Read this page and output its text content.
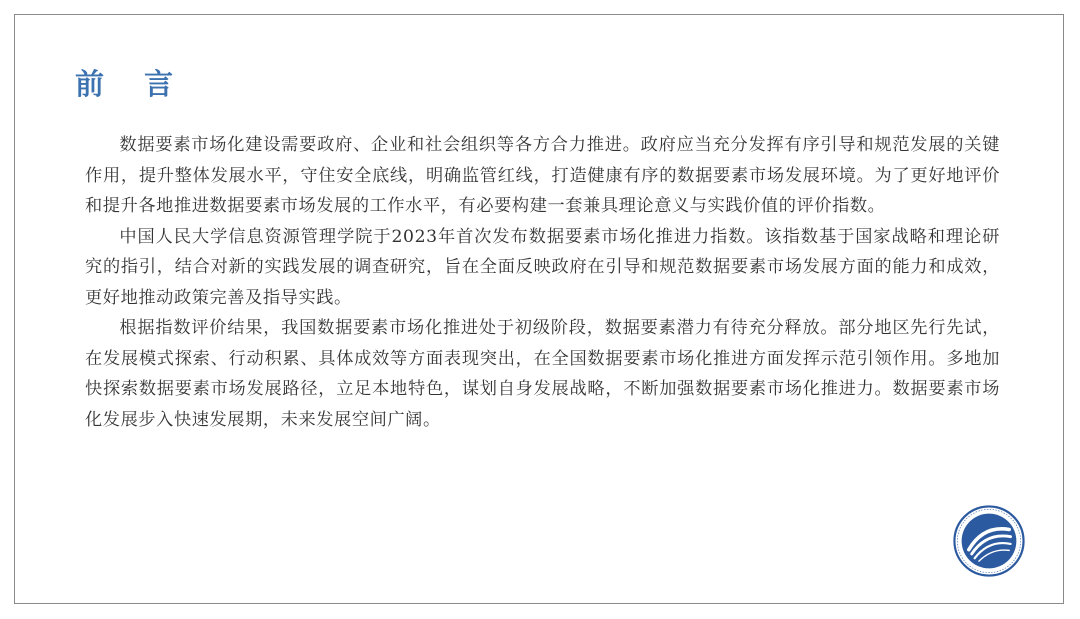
前 言

数据要素市场化建设需要政府、企业和社会组织等各方合力推进。政府应当充分发挥有序引导和规范发展的关键作用，提升整体发展水平，守住安全底线，明确监管红线，打造健康有序的数据要素市场发展环境。为了更好地评价和提升各地推进数据要素市场发展的工作水平，有必要构建一套兼具理论意义与实践价值的评价指数。

中国人民大学信息资源管理学院于2023年首次发布数据要素市场化推进力指数。该指数基于国家战略和理论研究的指引，结合对新的实践发展的调查研究，旨在全面反映政府在引导和规范数据要素市场发展方面的能力和成效，更好地推动政策完善及指导实践。

根据指数评价结果，我国数据要素市场化推进处于初级阶段，数据要素潜力有待充分释放。部分地区先行先试，在发展模式探索、行动积累、具体成效等方面表现突出，在全国数据要素市场化推进方面发挥示范引领作用。多地加快探索数据要素市场发展路径，立足本地特色，谋划自身发展战略，不断加强数据要素市场化推进力。数据要素市场化发展步入快速发展期，未来发展空间广阔。
